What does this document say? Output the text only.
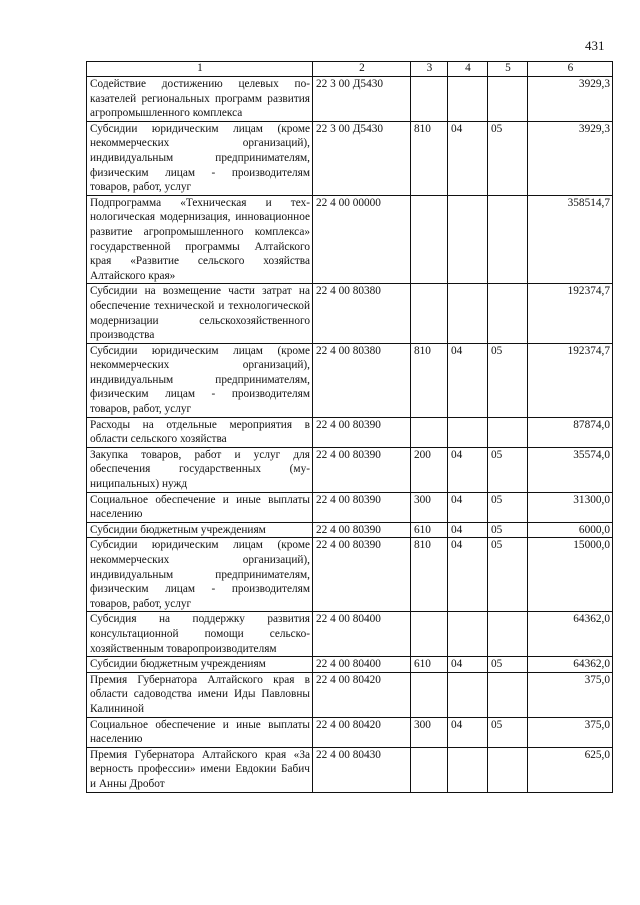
431
1	2	3	4	5	6
Содействие достижению целевых показателей региональных программ развития агропромышленного комплекса	22 3 00 Д5430				3929,3
Субсидии юридическим лицам (кроме некоммерческих организаций), индивидуальным предпринимателям, физическим лицам - производителям товаров, работ, услуг	22 3 00 Д5430	810	04	05	3929,3
Подпрограмма «Техническая и технологическая модернизация, инновационное развитие агропромышленного комплекса» государственной программы Алтайского края «Развитие сельского хозяйства Алтайского края»	22 4 00 00000				358514,7
Субсидии на возмещение части затрат на обеспечение технической и технологической модернизации сельскохозяйственного производства	22 4 00 80380				192374,7
Субсидии юридическим лицам (кроме некоммерческих организаций), индивидуальным предпринимателям, физическим лицам - производителям товаров, работ, услуг	22 4 00 80380	810	04	05	192374,7
Расходы на отдельные мероприятия в области сельского хозяйства	22 4 00 80390				87874,0
Закупка товаров, работ и услуг для обеспечения государственных (муниципальных) нужд	22 4 00 80390	200	04	05	35574,0
Социальное обеспечение и иные выплаты населению	22 4 00 80390	300	04	05	31300,0
Субсидии бюджетным учреждениям	22 4 00 80390	610	04	05	6000,0
Субсидии юридическим лицам (кроме некоммерческих организаций), индивидуальным предпринимателям, физическим лицам - производителям товаров, работ, услуг	22 4 00 80390	810	04	05	15000,0
Субсидия на поддержку развития консультационной помощи сельскохозяйственным товаропроизводителям	22 4 00 80400				64362,0
Субсидии бюджетным учреждениям	22 4 00 80400	610	04	05	64362,0
Премия Губернатора Алтайского края в области садоводства имени Иды Павловны Калининой	22 4 00 80420				375,0
Социальное обеспечение и иные выплаты населению	22 4 00 80420	300	04	05	375,0
Премия Губернатора Алтайского края «За верность профессии» имени Евдокии Бабич и Анны Дробот	22 4 00 80430				625,0
